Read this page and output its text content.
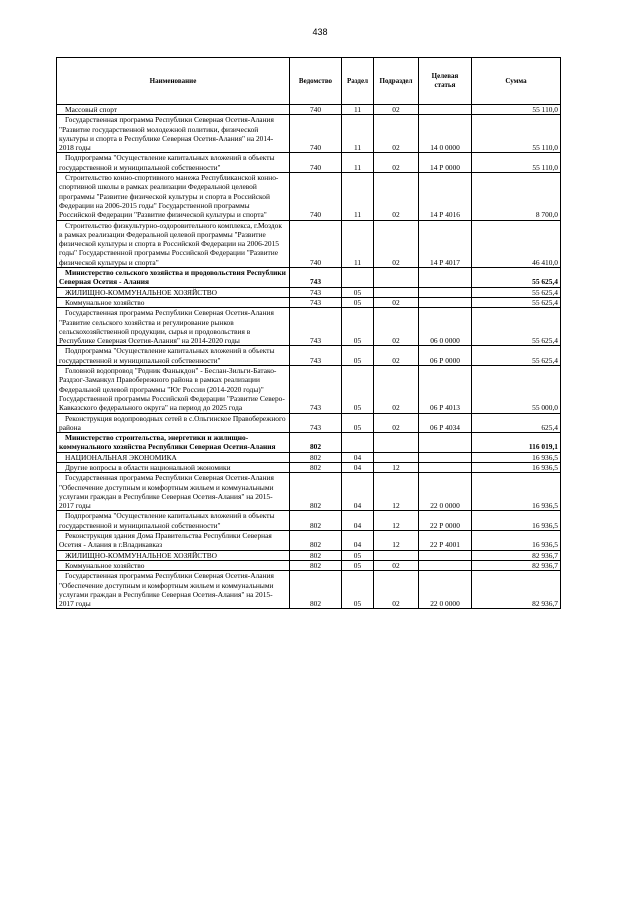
438
Наименование	Ведомство	Раздел	Подраздел	Целевая статья	Сумма
Массовый спорт	740	11	02		55 110,0
Государственная программа Республики Северная Осетия-Алания "Развитие государственной молодежной политики, физической культуры и спорта в Республике Северная Осетия-Алания" на 2014-2018 годы	740	11	02	14 0 0000	55 110,0
Подпрограмма "Осуществление капитальных вложений в объекты государственной и муниципальной собственности"	740	11	02	14 Р 0000	55 110,0
Строительство конно-спортивного манежа Республиканской конно-спортивной школы в рамках реализации Федеральной целевой программы "Развитие физической культуры и спорта в Российской Федерации на 2006-2015 годы" Государственной программы Российской Федерации "Развитие физической культуры и спорта"	740	11	02	14 Р 4016	8 700,0
Строительство физкультурно-оздоровительного комплекса, г.Моздок в рамках реализации Федеральной целевой программы "Развитие физической культуры и спорта в Российской Федерации на 2006-2015 годы" Государственной программы Российской Федерации "Развитие физической культуры и спорта"	740	11	02	14 Р 4017	46 410,0
Министерство сельского хозяйства и продовольствия Республики Северная Осетия - Алания	743				55 625,4
ЖИЛИЩНО-КОММУНАЛЬНОЕ ХОЗЯЙСТВО	743	05			55 625,4
Коммунальное хозяйство	743	05	02		55 625,4
Государственная программа Республики Северная Осетия-Алания "Развитие сельского хозяйства и регулирование рынков сельскохозяйственной продукции, сырья и продовольствия в Республике Северная Осетия-Алания" на 2014-2020 годы	743	05	02	06 0 0000	55 625,4
Подпрограмма "Осуществление капитальных вложений в объекты государственной и муниципальной собственности"	743	05	02	06 Р 0000	55 625,4
Головной водопровод "Родник Фаныкдон" - Беслан-Зильги-Батако-Раздзог-Заманкул Правобережного района в рамках реализации Федеральной целевой программы "Юг России (2014-2020 годы)" Государственной программы Российской Федерации "Развитие Северо-Кавказского федерального округа" на период до 2025 года	743	05	02	06 Р 4013	55 000,0
Реконструкция водопроводных сетей в с.Ольгинское Правобережного района	743	05	02	06 Р 4034	625,4
Министерство строительства, энергетики и жилищно-коммунального хозяйства Республики Северная Осетия-Алания	802				116 019,1
НАЦИОНАЛЬНАЯ ЭКОНОМИКА	802	04			16 936,5
Другие вопросы в области национальной экономики	802	04	12		16 936,5
Государственная программа Республики Северная Осетия-Алания "Обеспечение доступным и комфортным жильем и коммунальными услугами граждан в Республике Северная Осетия-Алания" на 2015-2017 годы	802	04	12	22 0 0000	16 936,5
Подпрограмма "Осуществление капитальных вложений в объекты государственной и муниципальной собственности"	802	04	12	22 Р 0000	16 936,5
Реконструкция здания Дома Правительства Республики Северная Осетия - Алания в г.Владикавказ	802	04	12	22 Р 4001	16 936,5
ЖИЛИЩНО-КОММУНАЛЬНОЕ ХОЗЯЙСТВО	802	05			82 936,7
Коммунальное хозяйство	802	05	02		82 936,7
Государственная программа Республики Северная Осетия-Алания "Обеспечение доступным и комфортным жильем и коммунальными услугами граждан в Республике Северная Осетия-Алания" на 2015-2017 годы	802	05	02	22 0 0000	82 936,7
